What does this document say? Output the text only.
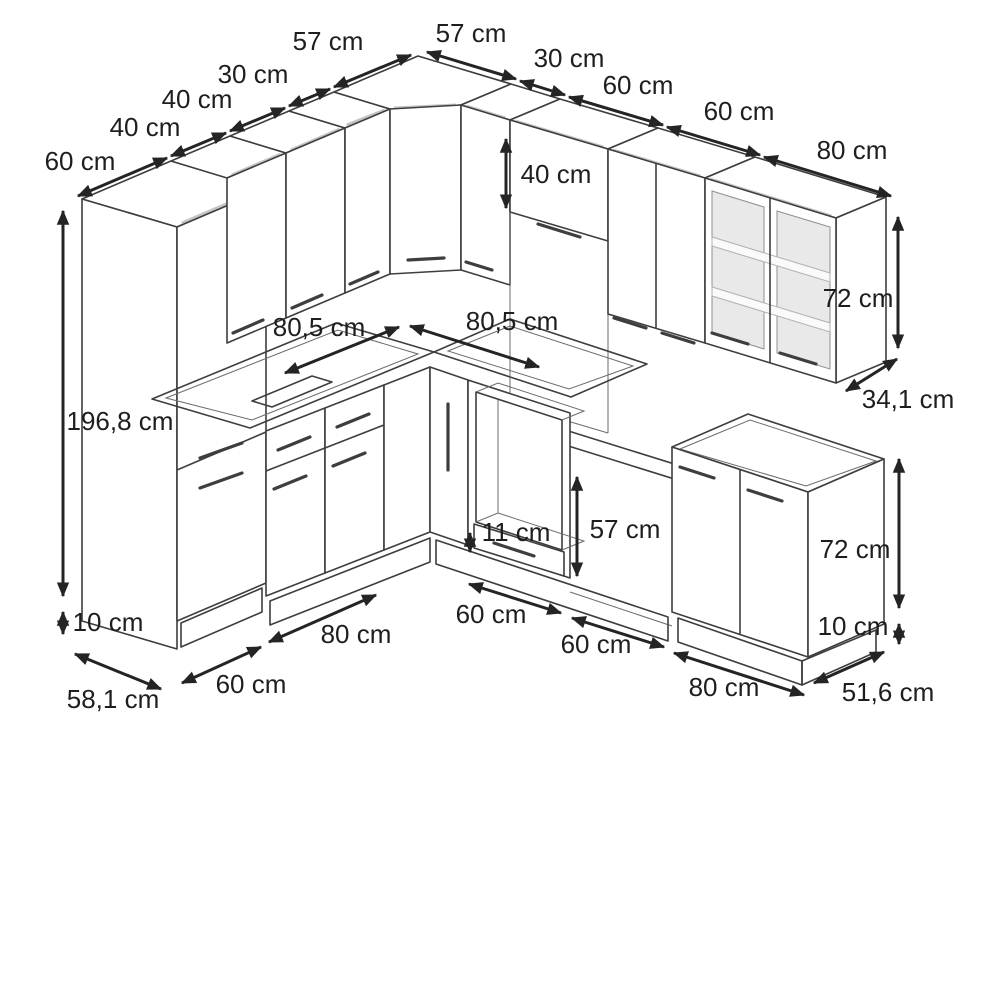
60 cm
40 cm
40 cm
30 cm
57 cm	57 cm
30 cm
60 cm
60 cm
80 cm
40 cm
72 cm
34,1 cm
196,8 cm
80,5 cm	80,5 cm
11 cm 57 cm
72 cm
10 cm	10 cm
58,1 cm 60 cm
80 cm
60 cm
60 cm
80 cm	51,6 cm
